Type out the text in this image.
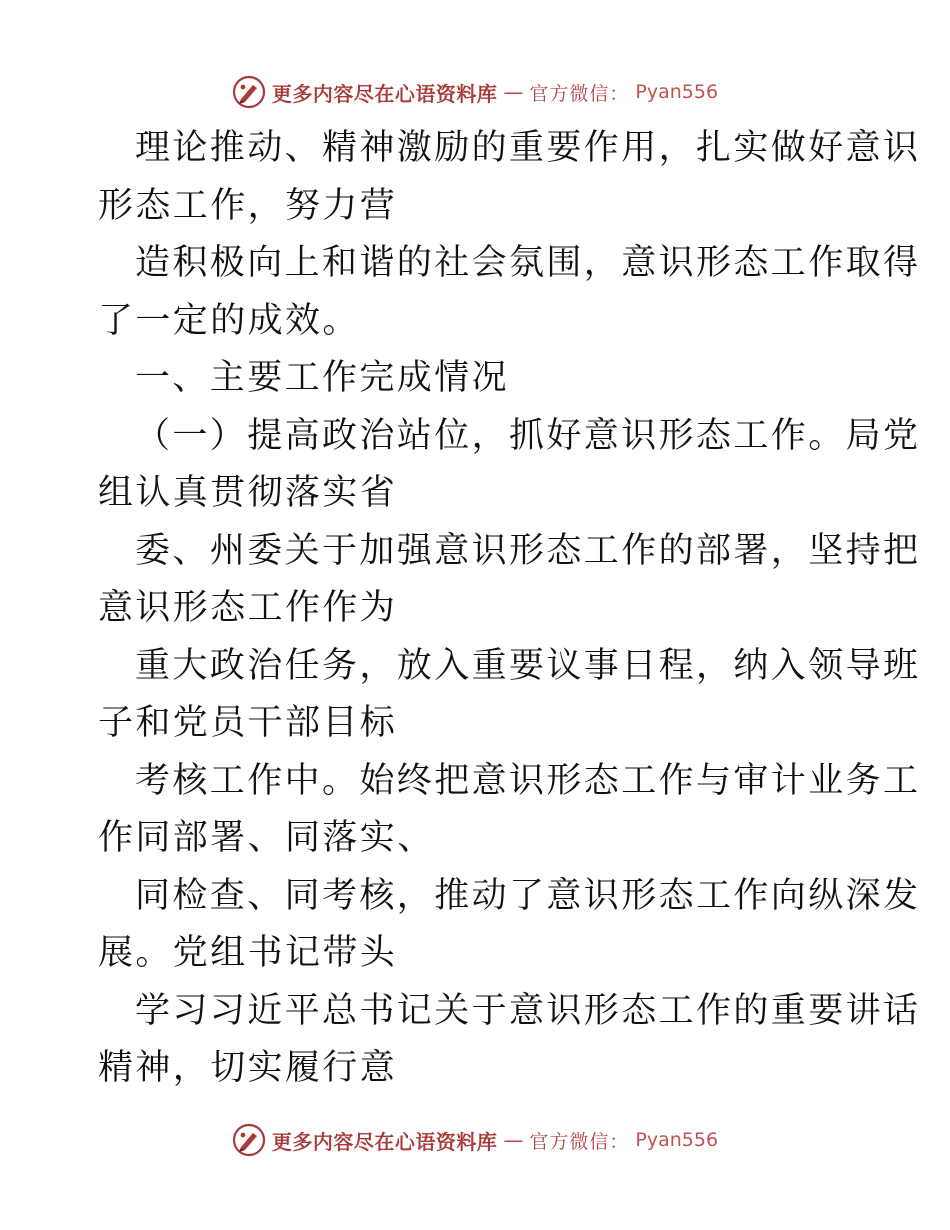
更多内容尽在心语资料库 — 官方微信： Pyan556
理论推动、精神激励的重要作用，扎实做好意识
形态工作，努力营
造积极向上和谐的社会氛围，意识形态工作取得
了一定的成效。
一、主要工作完成情况
（一）提高政治站位，抓好意识形态工作。局党
组认真贯彻落实省
委、州委关于加强意识形态工作的部署，坚持把
意识形态工作作为
重大政治任务，放入重要议事日程，纳入领导班
子和党员干部目标
考核工作中。始终把意识形态工作与审计业务工
作同部署、同落实、
同检查、同考核，推动了意识形态工作向纵深发
展。党组书记带头
学习习近平总书记关于意识形态工作的重要讲话
精神，切实履行意
更多内容尽在心语资料库 — 官方微信： Pyan556
